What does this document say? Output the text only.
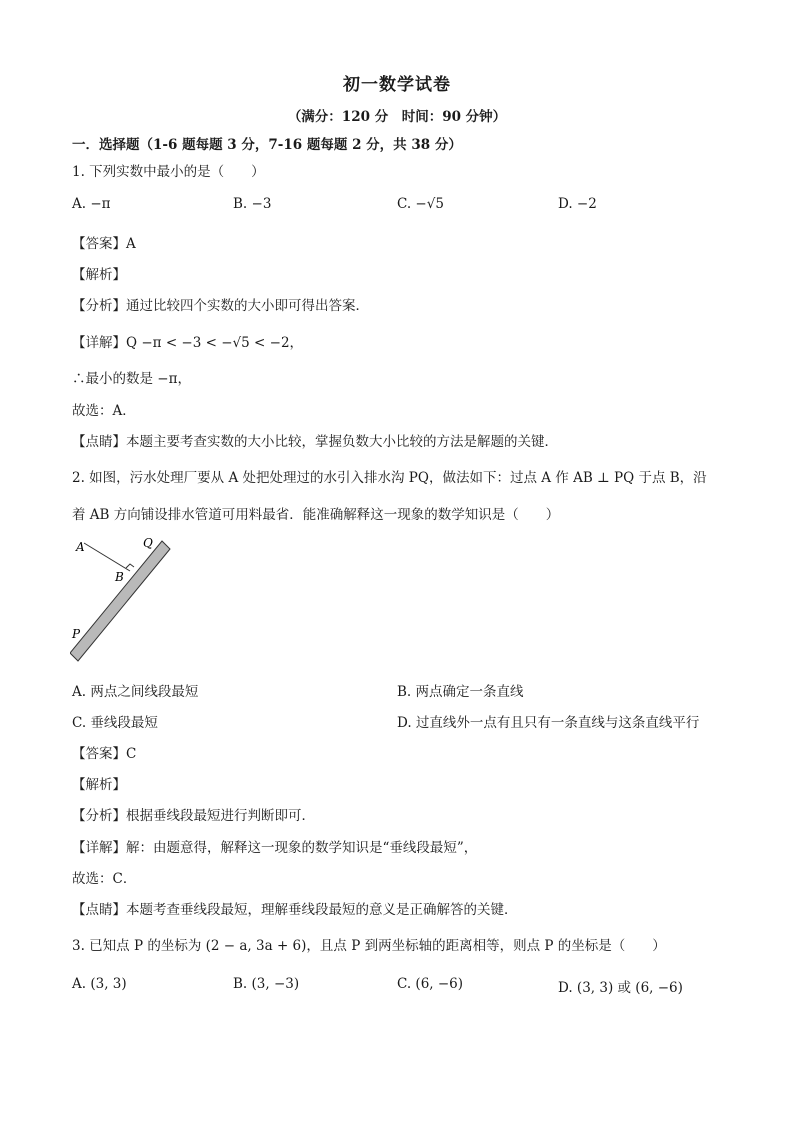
初一数学试卷
（满分：120 分　时间：90 分钟）
一．选择题（1-6 题每题 3 分，7-16 题每题 2 分，共 38 分）
1. 下列实数中最小的是（　　）
A. −π	B. −3	C. −√5	D. −2
【答案】A
【解析】
【分析】通过比较四个实数的大小即可得出答案．
【详解】Q −π < −3 < −√5 < −2，
∴最小的数是 −π，
故选：A．
【点睛】本题主要考查实数的大小比较，掌握负数大小比较的方法是解题的关键．
2. 如图，污水处理厂要从 A 处把处理过的水引入排水沟 PQ，做法如下：过点 A 作 AB ⊥ PQ 于点 B，沿
着 AB 方向铺设排水管道可用料最省．能准确解释这一现象的数学知识是（　　）
A
B
Q
P
A. 两点之间线段最短	B. 两点确定一条直线
C. 垂线段最短	D. 过直线外一点有且只有一条直线与这条直线平行
【答案】C
【解析】
【分析】根据垂线段最短进行判断即可．
【详解】解：由题意得，解释这一现象的数学知识是“垂线段最短”，
故选：C．
【点睛】本题考查垂线段最短，理解垂线段最短的意义是正确解答的关键．
3. 已知点 P 的坐标为 (2 − a, 3a + 6)，且点 P 到两坐标轴的距离相等，则点 P 的坐标是（　　）
A. (3, 3)	B. (3, −3)	C. (6, −6)	D. (3, 3) 或 (6, −6)
